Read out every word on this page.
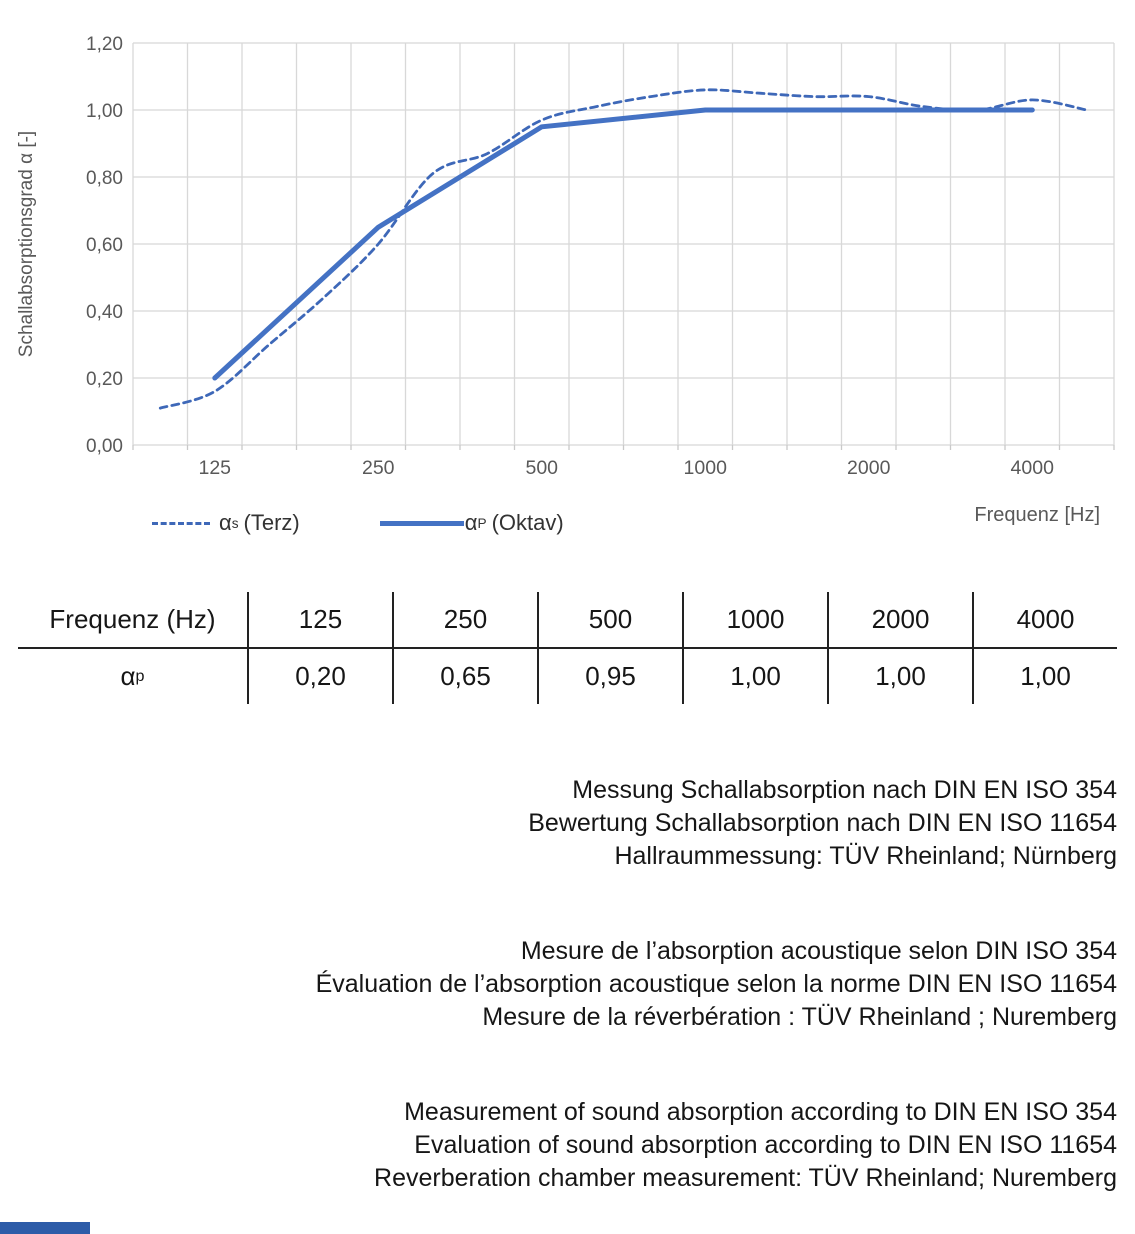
0,00
0,20
0,40
0,60
0,80
1,00
1,20
125	250	500	1000	2000	4000
Schallabsorptionsgrad α [-]
Frequenz [Hz]
α s (Terz)	α P (Oktav)
Frequenz (Hz)	125	250	500	1000	2000	4000
α p	0,20	0,65	0,95	1,00	1,00	1,00
Messung Schallabsorption nach DIN EN ISO 354
Bewertung Schallabsorption nach DIN EN ISO 11654
Hallraummessung: TÜV Rheinland; Nürnberg
Mesure de l’absorption acoustique selon DIN ISO 354
Évaluation de l’absorption acoustique selon la norme DIN EN ISO 11654
Mesure de la réverbération : TÜV Rheinland ; Nuremberg
Measurement of sound absorption according to DIN EN ISO 354
Evaluation of sound absorption according to DIN EN ISO 11654
Reverberation chamber measurement: TÜV Rheinland; Nuremberg
